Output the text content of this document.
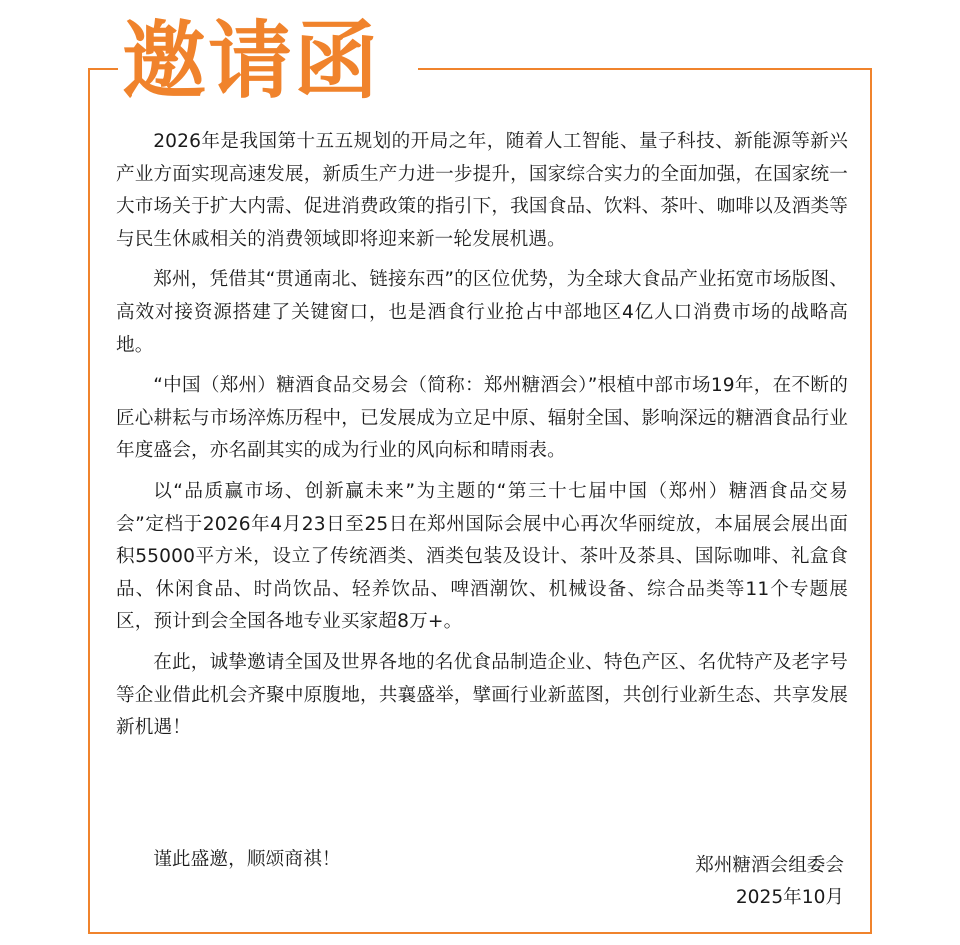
邀请函

2026年是我国第十五五规划的开局之年，随着人工智能、量子科技、新能源等新兴产业方面实现高速发展，新质生产力进一步提升，国家综合实力的全面加强，在国家统一大市场关于扩大内需、促进消费政策的指引下，我国食品、饮料、茶叶、咖啡以及酒类等与民生休戚相关的消费领域即将迎来新一轮发展机遇。

郑州，凭借其“贯通南北、链接东西”的区位优势，为全球大食品产业拓宽市场版图、高效对接资源搭建了关键窗口，也是酒食行业抢占中部地区4亿人口消费市场的战略高地。

“中国（郑州）糖酒食品交易会（简称：郑州糖酒会）”根植中部市场19年，在不断的匠心耕耘与市场淬炼历程中，已发展成为立足中原、辐射全国、影响深远的糖酒食品行业年度盛会，亦名副其实的成为行业的风向标和晴雨表。

以“品质赢市场、创新赢未来”为主题的“第三十七届中国（郑州）糖酒食品交易会”定档于2026年4月23日至25日在郑州国际会展中心再次华丽绽放，本届展会展出面积55000平方米，设立了传统酒类、酒类包装及设计、茶叶及茶具、国际咖啡、礼盒食品、休闲食品、时尚饮品、轻养饮品、啤酒潮饮、机械设备、综合品类等11个专题展区，预计到会全国各地专业买家超8万+。

在此，诚挚邀请全国及世界各地的名优食品制造企业、特色产区、名优特产及老字号等企业借此机会齐聚中原腹地，共襄盛举，擘画行业新蓝图，共创行业新生态、共享发展新机遇！

谨此盛邀，顺颂商祺！	郑州糖酒会组委会
2025年10月
